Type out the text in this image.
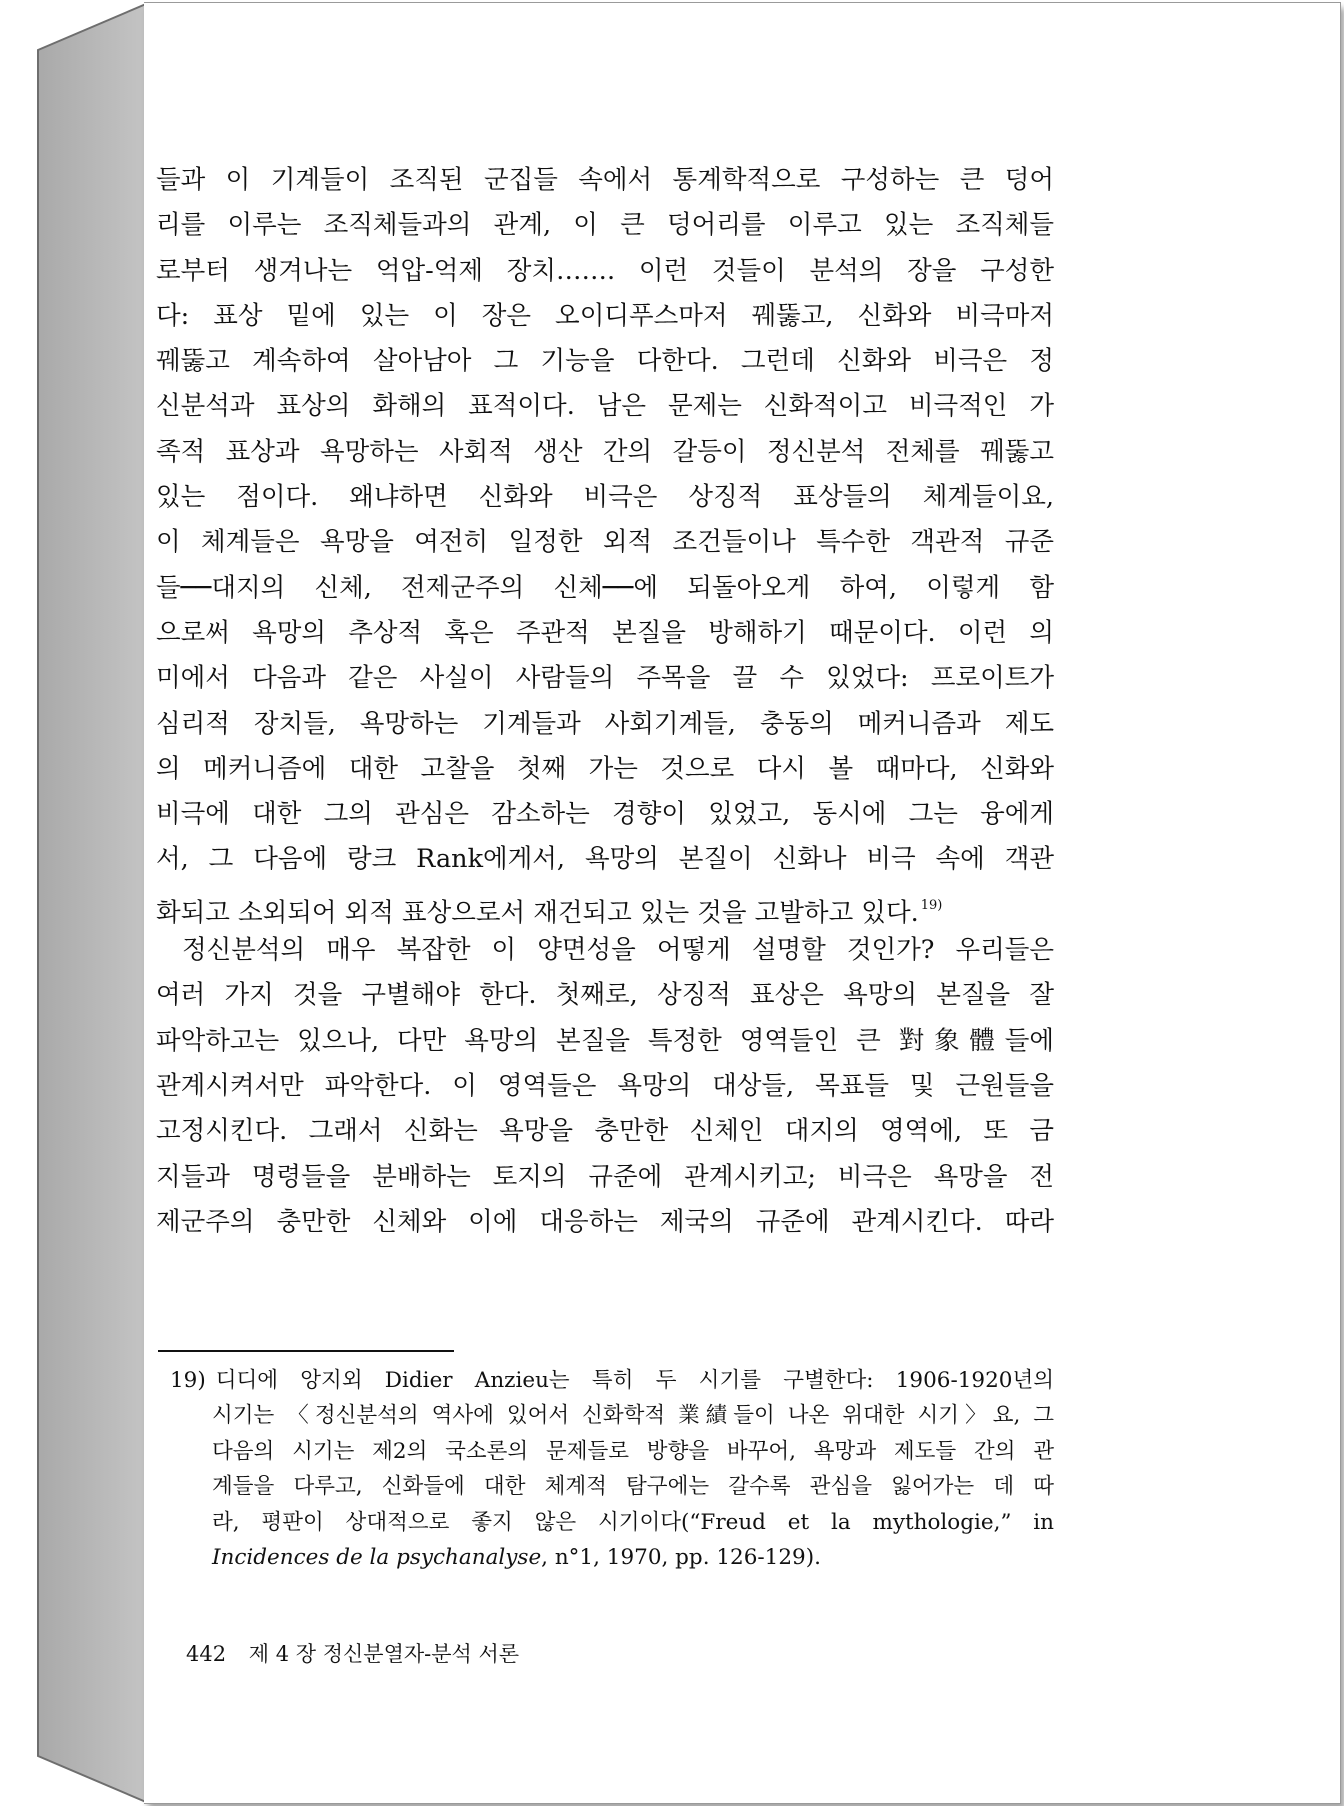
들과 이 기계들이 조직된 군집들 속에서 통계학적으로 구성하는 큰 덩어
리를 이루는 조직체들과의 관계, 이 큰 덩어리를 이루고 있는 조직체들
로부터 생겨나는 억압-억제 장치……. 이런 것들이 분석의 장을 구성한
다: 표상 밑에 있는 이 장은 오이디푸스마저 꿰뚫고, 신화와 비극마저
꿰뚫고 계속하여 살아남아 그 기능을 다한다. 그런데 신화와 비극은 정
신분석과 표상의 화해의 표적이다. 남은 문제는 신화적이고 비극적인 가
족적 표상과 욕망하는 사회적 생산 간의 갈등이 정신분석 전체를 꿰뚫고
있는 점이다. 왜냐하면 신화와 비극은 상징적 표상들의 체계들이요,
이 체계들은 욕망을 여전히 일정한 외적 조건들이나 특수한 객관적 규준
들──대지의 신체, 전제군주의 신체──에 되돌아오게 하여, 이렇게 함
으로써 욕망의 추상적 혹은 주관적 본질을 방해하기 때문이다. 이런 의
미에서 다음과 같은 사실이 사람들의 주목을 끌 수 있었다: 프로이트가
심리적 장치들, 욕망하는 기계들과 사회기계들, 충동의 메커니즘과 제도
의 메커니즘에 대한 고찰을 첫째 가는 것으로 다시 볼 때마다, 신화와
비극에 대한 그의 관심은 감소하는 경향이 있었고, 동시에 그는 융에게
서, 그 다음에 랑크 Rank에게서, 욕망의 본질이 신화나 비극 속에 객관
화되고 소외되어 외적 표상으로서 재건되고 있는 것을 고발하고 있다. $^{19)}$
정신분석의 매우 복잡한 이 양면성을 어떻게 설명할 것인가? 우리들은
여러 가지 것을 구별해야 한다. 첫째로, 상징적 표상은 욕망의 본질을 잘
파악하고는 있으나, 다만 욕망의 본질을 특정한 영역들인 큰 對象體들에
관계시켜서만 파악한다. 이 영역들은 욕망의 대상들, 목표들 및 근원들을
고정시킨다. 그래서 신화는 욕망을 충만한 신체인 대지의 영역에, 또 금
지들과 명령들을 분배하는 토지의 규준에 관계시키고; 비극은 욕망을 전
제군주의 충만한 신체와 이에 대응하는 제국의 규준에 관계시킨다. 따라
19) 디디에 앙지외 Didier Anzieu는 특히 두 시기를 구별한다: 1906-1920년의
시기는 〈정신분석의 역사에 있어서 신화학적 業績들이 나온 위대한 시기〉요, 그
다음의 시기는 제2의 국소론의 문제들로 방향을 바꾸어, 욕망과 제도들 간의 관
계들을 다루고, 신화들에 대한 체계적 탐구에는 갈수록 관심을 잃어가는 데 따
라, 평판이 상대적으로 좋지 않은 시기이다(“Freud et la mythologie,” in
Incidences de la psychanalyse, n°1, 1970, pp. 126-129).
442 제 4 장 정신분열자-분석 서론
